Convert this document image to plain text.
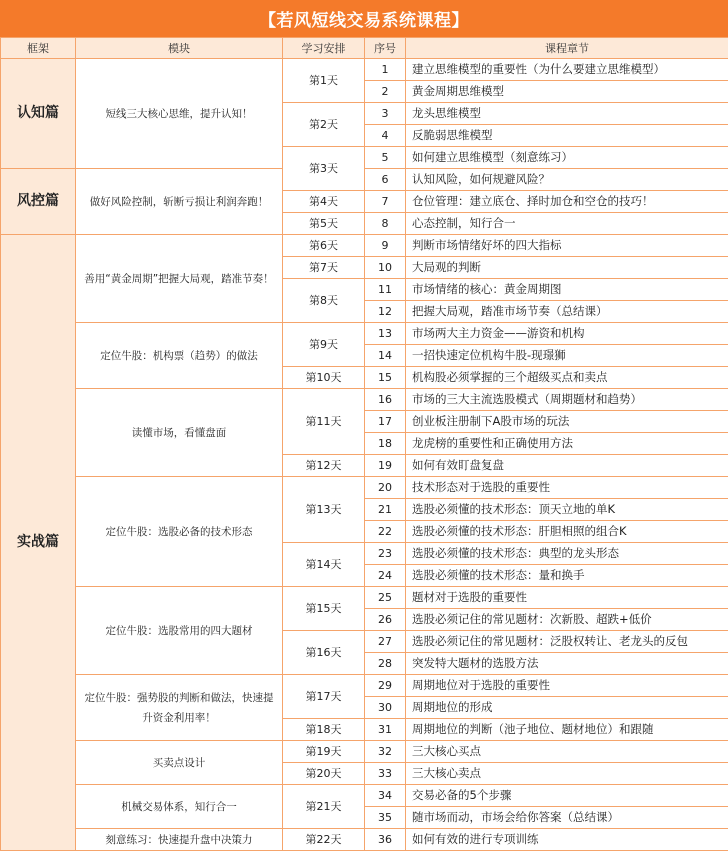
【若风短线交易系统课程】
框架	模块	学习安排	序号	课程章节
认知篇	短线三大核心思维，提升认知！	第1天	1	建立思维模型的重要性（为什么要建立思维模型）
			2	黄金周期思维模型
		第2天	3	龙头思维模型
			4	反脆弱思维模型
		第3天	5	如何建立思维模型（刻意练习）
风控篇	做好风险控制，斩断亏损让利润奔跑！		6	认知风险，如何规避风险？
		第4天	7	仓位管理：建立底仓、择时加仓和空仓的技巧！
		第5天	8	心态控制，知行合一
实战篇	善用“黄金周期”把握大局观，踏准节奏！	第6天	9	判断市场情绪好坏的四大指标
		第7天	10	大局观的判断
		第8天	11	市场情绪的核心：黄金周期图
			12	把握大局观，踏准市场节奏（总结课）
	定位牛股：机构票（趋势）的做法	第9天	13	市场两大主力资金——游资和机构
			14	一招快速定位机构牛股-现璟狮
		第10天	15	机构股必须掌握的三个超级买点和卖点
	读懂市场，看懂盘面	第11天	16	市场的三大主流选股模式（周期题材和趋势）
			17	创业板注册制下A股市场的玩法
			18	龙虎榜的重要性和正确使用方法
		第12天	19	如何有效盯盘复盘
	定位牛股：选股必备的技术形态	第13天	20	技术形态对于选股的重要性
			21	选股必须懂的技术形态：顶天立地的单K
			22	选股必须懂的技术形态：肝胆相照的组合K
		第14天	23	选股必须懂的技术形态：典型的龙头形态
			24	选股必须懂的技术形态：量和换手
	定位牛股：选股常用的四大题材	第15天	25	题材对于选股的重要性
			26	选股必须记住的常见题材：次新股、超跌+低价
		第16天	27	选股必须记住的常见题材：泛股权转让、老龙头的反包
			28	突发特大题材的选股方法
	定位牛股：强势股的判断和做法，快速提升资金利用率！	第17天	29	周期地位对于选股的重要性
			30	周期地位的形成
		第18天	31	周期地位的判断（池子地位、题材地位）和跟随
	买卖点设计	第19天	32	三大核心买点
		第20天	33	三大核心卖点
	机械交易体系，知行合一	第21天	34	交易必备的5个步骤
			35	随市场而动，市场会给你答案（总结课）
	刻意练习：快速提升盘中决策力	第22天	36	如何有效的进行专项训练
